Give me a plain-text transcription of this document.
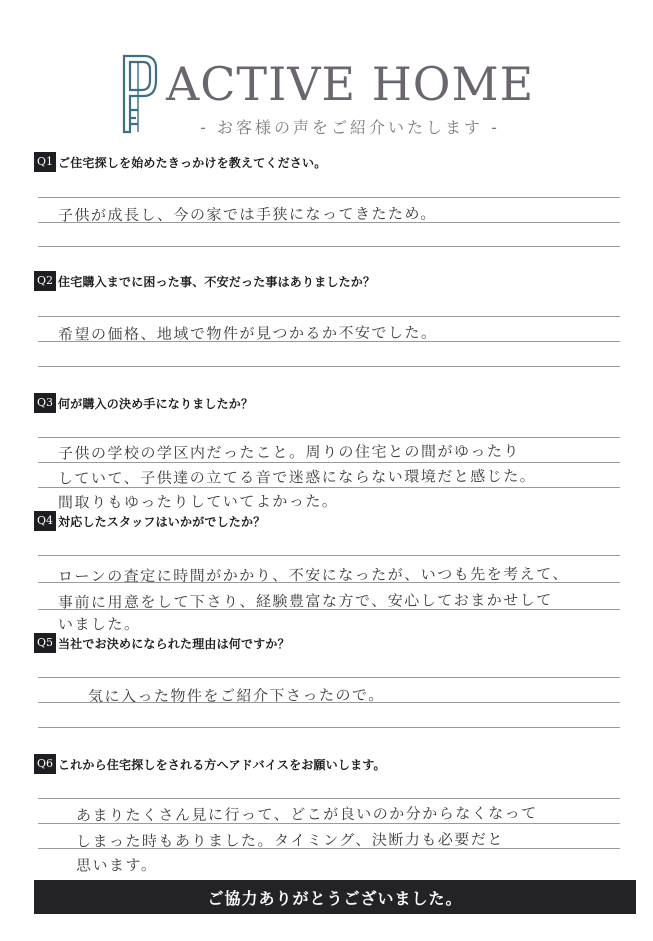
ACTIVE HOME
- お客様の声をご紹介いたします -
Q1 ご住宅探しを始めたきっかけを教えてください。
子供が成長し、今の家では手狭になってきたため。
Q2 住宅購入までに困った事、不安だった事はありましたか？
希望の価格、地域で物件が見つかるか不安でした。
Q3 何が購入の決め手になりましたか？
子供の学校の学区内だったこと。周りの住宅との間がゆったり
していて、子供達の立てる音で迷惑にならない環境だと感じた。
間取りもゆったりしていてよかった。
Q4 対応したスタッフはいかがでしたか？
ローンの査定に時間がかかり、不安になったが、いつも先を考えて、
事前に用意をして下さり、経験豊富な方で、安心しておまかせして
いました。
Q5 当社でお決めになられた理由は何ですか？
気に入った物件をご紹介下さったので。
Q6 これから住宅探しをされる方へアドバイスをお願いします。
あまりたくさん見に行って、どこが良いのか分からなくなって
しまった時もありました。タイミング、決断力も必要だと
思います。
ご協力ありがとうございました。
